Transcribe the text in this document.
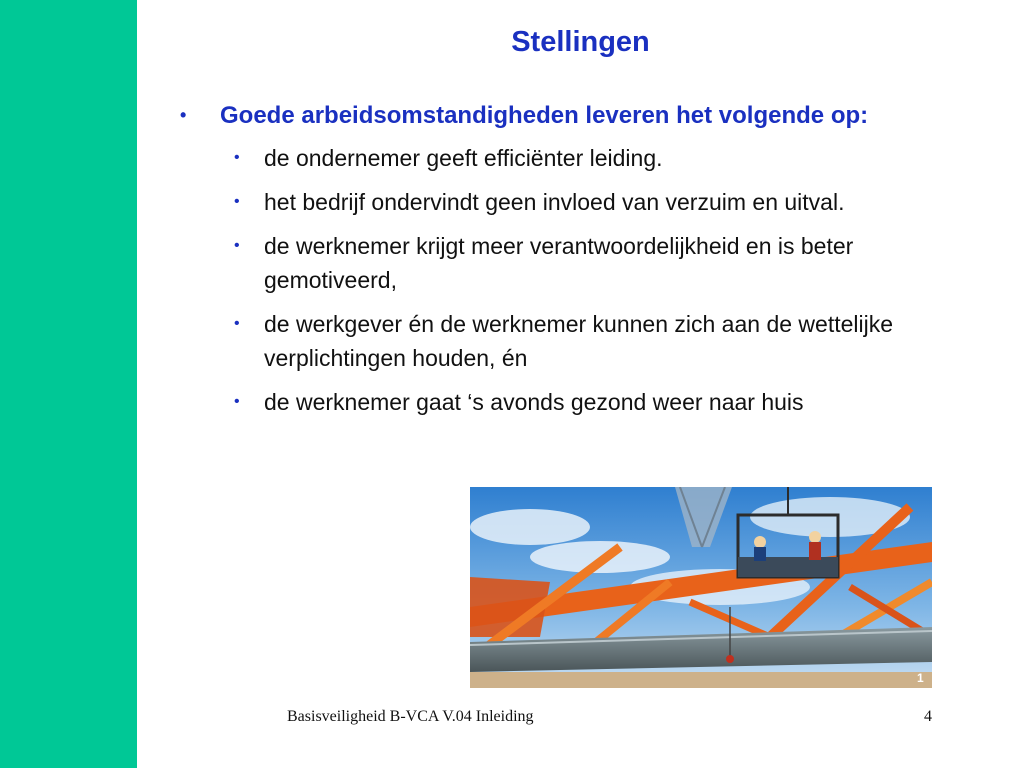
Stellingen
• Goede arbeidsomstandigheden leveren het volgende op:
• de ondernemer geeft efficiënter leiding.
• het bedrijf ondervindt geen invloed van verzuim en uitval.
• de werknemer krijgt meer verantwoordelijkheid en is beter gemotiveerd,
• de werkgever én de werknemer kunnen zich aan de wettelijke verplichtingen houden, én
• de werknemer gaat ‘s avonds gezond weer naar huis
1
Basisveiligheid B-VCA V.04 Inleiding	4
